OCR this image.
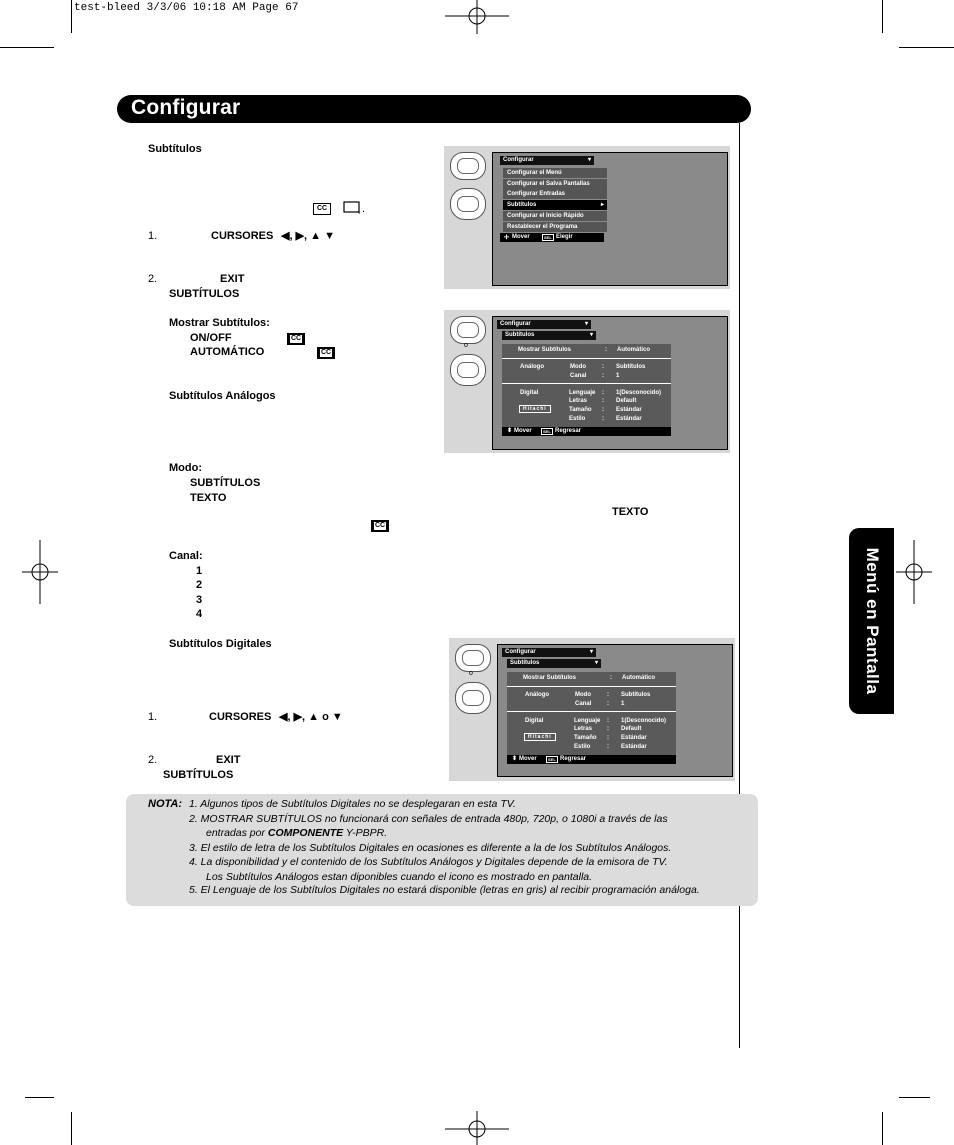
test-bleed 3/3/06 10:18 AM Page 67
Configurar
Menú en Pantalla
Subtítulos
CC	.
1.	CURSORES ◀, ▶, ▲ ▼
2.	EXIT
SUBTÍTULOS
Mostrar Subtítulos:
ON/OFF	CC
AUTOMÁTICO	CC
Subtítulos Análogos
Modo:
SUBTÍTULOS
TEXTO
TEXTO
CC
Canal:
1
2
3
4
Subtítulos Digitales
1.	CURSORES ◀, ▶, ▲ o ▼
2.	EXIT
SUBTÍTULOS
Configurar	▾
Configurar el Menú
Configurar el Salva Pantallas
Configurar Entradas
Subtítulos	▸
Configurar el Inicio Rápido
Restablecer el Programa
✢ Mover	SEL Elegir
o
Configurar	▾
Subtítulos	▾
Mostrar Subtítulos	: Automático
Análogo	Modo	: Subtítulos
Canal	: 1
Digital	Lenguaje : 1(Desconocido)
Letras : Default
Hitachi	Tamaño : Estándar
Estilo	: Estándar
⬍ Mover	SEL Regresar
o
Configurar	▾
Subtítulos	▾
Mostrar Subtítulos	: Automático
Análogo	Modo	: Subtítulos
Canal	: 1
Digital	Lenguaje : 1(Desconocido)
Letras : Default
Hitachi	Tamaño : Estándar
Estilo	: Estándar
⬍ Mover	SEL Regresar
NOTA: 1. Algunos tipos de Subtítulos Digitales no se desplegaran en esta TV.
2. MOSTRAR SUBTÍTULOS no funcionará con señales de entrada 480p, 720p, o 1080i a través de las
entradas por COMPONENTE Y-PBPR.
3. El estilo de letra de los Subtítulos Digitales en ocasiones es diferente a la de los Subtítulos Análogos.
4. La disponibilidad y el contenido de los Subtítulos Análogos y Digitales depende de la emisora de TV.
Los Subtítulos Análogos estan diponibles cuando el icono es mostrado en pantalla.
5. El Lenguaje de los Subtítulos Digitales no estará disponible (letras en gris) al recibir programación análoga.
